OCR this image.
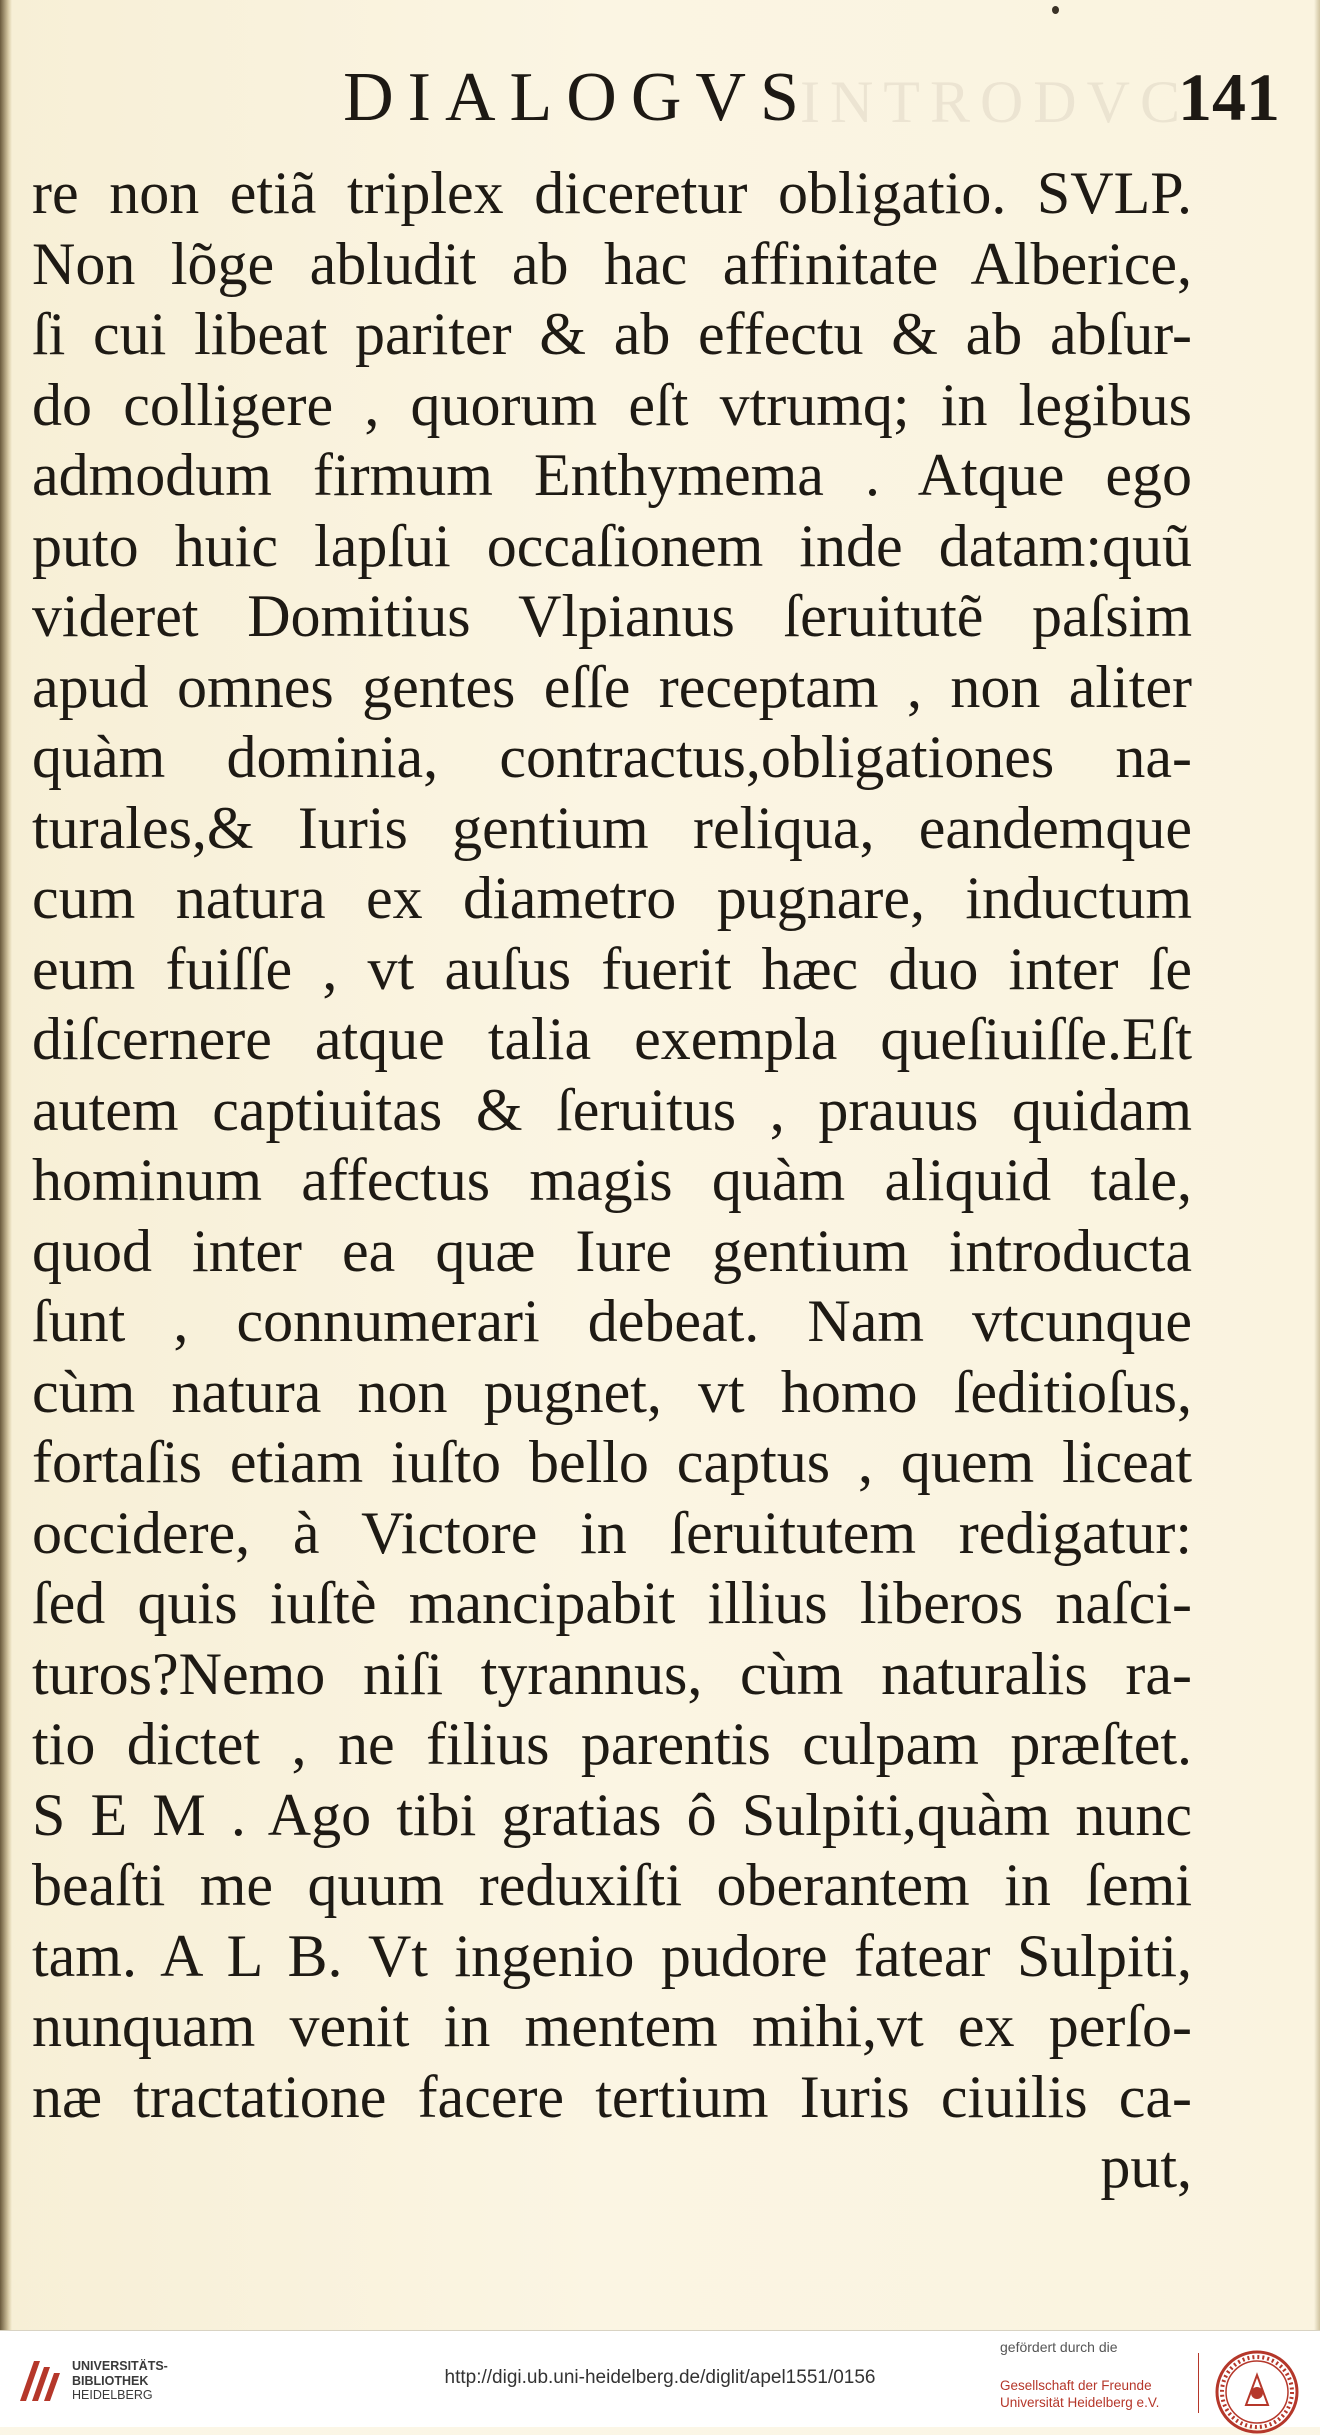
INTRODVC
DIALOGVS	141
re non etiã triplex diceretur obligatio. SVLP.
Non lõge abludit ab hac affinitate Alberice,
ſi cui libeat pariter & ab effectu & ab abſur-
do colligere , quorum eſt vtrumq; in legibus
admodum firmum Enthymema . Atque ego
puto huic lapſui occaſionem inde datam:quũ
videret Domitius Vlpianus ſeruitutẽ paſsim
apud omnes gentes eſſe receptam , non aliter
quàm dominia, contractus,obligationes na-
turales,& Iuris gentium reliqua, eandemque
cum natura ex diametro pugnare, inductum
eum fuiſſe , vt auſus fuerit hæc duo inter ſe
diſcernere atque talia exempla queſiuiſſe.Eſt
autem captiuitas & ſeruitus , prauus quidam
hominum affectus magis quàm aliquid tale,
quod inter ea quæ Iure gentium introducta
ſunt , connumerari debeat. Nam vtcunque
cùm natura non pugnet, vt homo ſeditioſus,
fortaſis etiam iuſto bello captus , quem liceat
occidere, à Victore in ſeruitutem redigatur:
ſed quis iuſtè mancipabit illius liberos naſci-
turos?Nemo niſi tyrannus, cùm naturalis ra-
tio dictet , ne filius parentis culpam præſtet.
S E M . Ago tibi gratias ô Sulpiti,quàm nunc
beaſti me quum reduxiſti oberantem in ſemi
tam. A L B. Vt ingenio pudore fatear Sulpiti,
nunquam venit in mentem mihi,vt ex perſo-
næ tractatione facere tertium Iuris ciuilis ca-
put,
UNIVERSITÄTS-
BIBLIOTHEK
HEIDELBERG
http://digi.ub.uni-heidelberg.de/diglit/apel1551/0156
gefördert durch die
Gesellschaft der Freunde
Universität Heidelberg e.V.
